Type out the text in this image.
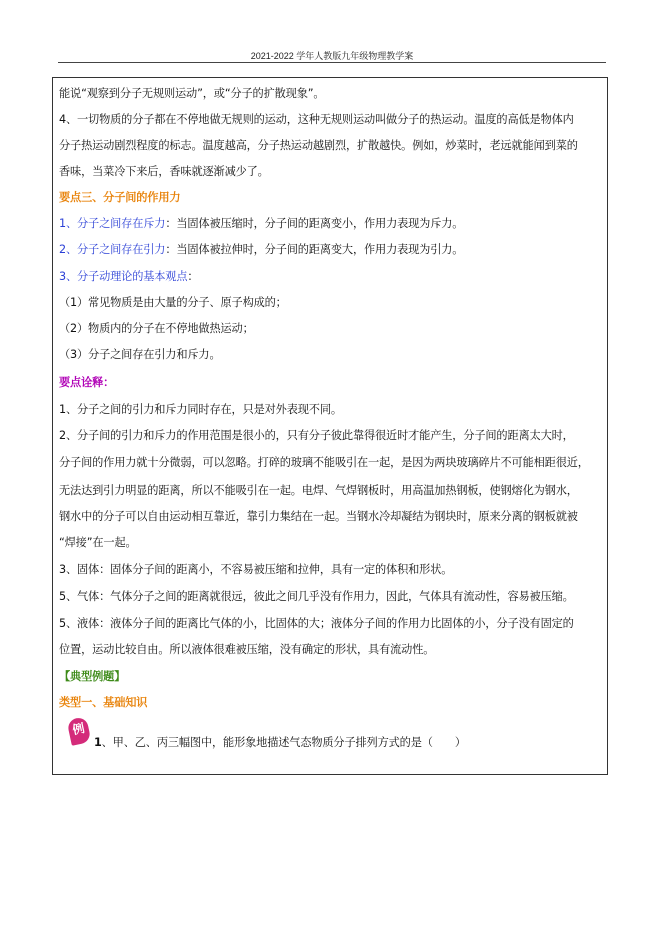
2021-2022 学年人教版九年级物理教学案
能说“观察到分子无规则运动”，或“分子的扩散现象”。
4、一切物质的分子都在不停地做无规则的运动，这种无规则运动叫做分子的热运动。温度的高低是物体内
分子热运动剧烈程度的标志。温度越高，分子热运动越剧烈，扩散越快。例如，炒菜时，老远就能闻到菜的
香味，当菜冷下来后，香味就逐渐减少了。
要点三、分子间的作用力
1、分子之间存在斥力：当固体被压缩时，分子间的距离变小，作用力表现为斥力。
2、分子之间存在引力：当固体被拉伸时，分子间的距离变大，作用力表现为引力。
3、分子动理论的基本观点：
（1）常见物质是由大量的分子、原子构成的；
（2）物质内的分子在不停地做热运动；
（3）分子之间存在引力和斥力。
要点诠释：
1、分子之间的引力和斥力同时存在，只是对外表现不同。
2、分子间的引力和斥力的作用范围是很小的，只有分子彼此靠得很近时才能产生，分子间的距离太大时，
分子间的作用力就十分微弱，可以忽略。打碎的玻璃不能吸引在一起，是因为两块玻璃碎片不可能相距很近，
无法达到引力明显的距离，所以不能吸引在一起。电焊、气焊钢板时，用高温加热钢板，使钢熔化为钢水，
钢水中的分子可以自由运动相互靠近，靠引力集结在一起。当钢水冷却凝结为钢块时，原来分离的钢板就被
“焊接”在一起。
3、固体：固体分子间的距离小，不容易被压缩和拉伸，具有一定的体积和形状。
5、气体：气体分子之间的距离就很远，彼此之间几乎没有作用力，因此，气体具有流动性，容易被压缩。
5、液体：液体分子间的距离比气体的小，比固体的大；液体分子间的作用力比固体的小，分子没有固定的
位置，运动比较自由。所以液体很难被压缩，没有确定的形状，具有流动性。
【典型例题】
类型一、基础知识
例
1、甲、乙、丙三幅图中，能形象地描述气态物质分子排列方式的是（　　）
